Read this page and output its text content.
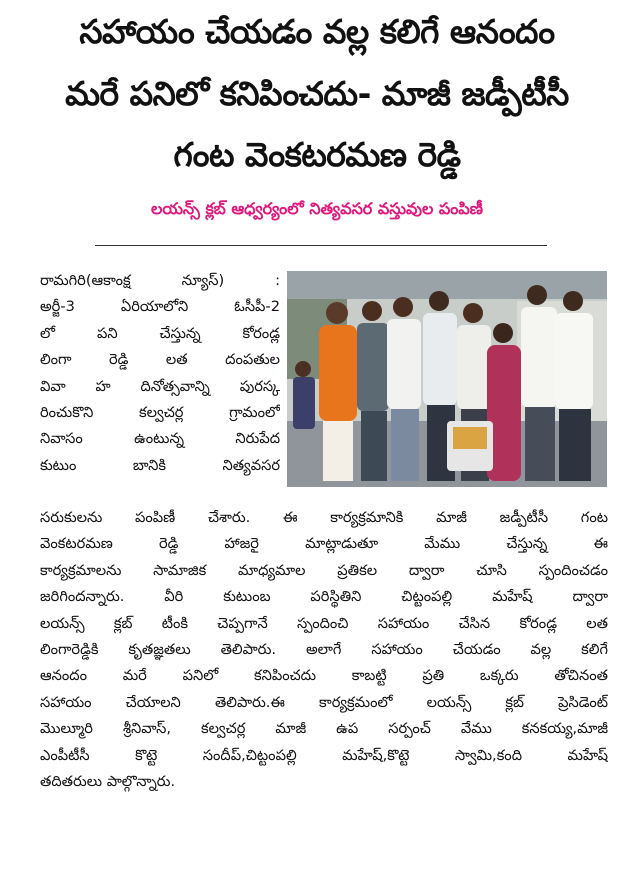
సహాయం చేయడం వల్ల కలిగే ఆనందం
మరే పనిలో కనిపించదు- మాజీ జడ్పీటీసీ
గంట వెంకటరమణ రెడ్డి
లయన్స్ క్లబ్ ఆధ్వర్యంలో నిత్యవసర వస్తువుల పంపిణీ
రామగిరి(ఆకాంక్ష న్యూస్) :
అర్జీ-3 ఏరియాలోని ఓసీపీ-2
లో పని చేస్తున్న కోరండ్ల
లింగా రెడ్డి లత దంపతుల
వివా హ దినోత్సవాన్ని పురస్క
రించుకొని కల్వచర్ల గ్రామంలో
నివాసం ఉంటున్న నిరుపేద
కుటుం బానికి నిత్యవసర
సరుకులను పంపిణీ చేశారు. ఈ కార్యక్రమానికి మాజీ జడ్పీటీసీ గంట
వెంకటరమణ రెడ్డి హాజరై మాట్లాడుతూ మేము చేస్తున్న ఈ
కార్యక్రమాలను సామాజిక మాధ్యమాల ప్రతికల ద్వారా చూసి స్పందించడం
జరిగిందన్నారు. వీరి కుటుంబ పరిస్థితిని చిట్టంపల్లి మహేష్ ద్వారా
లయన్స్ క్లబ్ టీంకి చెప్పగానే స్పందించి సహాయం చేసిన కోరండ్ల లత
లింగారెడ్డికి కృతజ్ఞతలు తెలిపారు. అలాగే సహాయం చేయడం వల్ల కలిగే
ఆనందం మరే పనిలో కనిపించదు కాబట్టి ప్రతి ఒక్కరు తోచినంత
సహాయం చేయాలని తెలిపారు.ఈ కార్యక్రమంలో లయన్స్ క్లబ్ ప్రెసిడెంట్
మొల్మూరి శ్రీనివాస్, కల్వచర్ల మాజీ ఉప సర్పంచ్ వేము కనకయ్య,మాజీ
ఎంపీటీసీ కొట్టె సందీప్,చిట్టంపల్లి మహేష్,కొట్టె స్వామి,కంది మహేష్
తదితరులు పాల్గొన్నారు.
